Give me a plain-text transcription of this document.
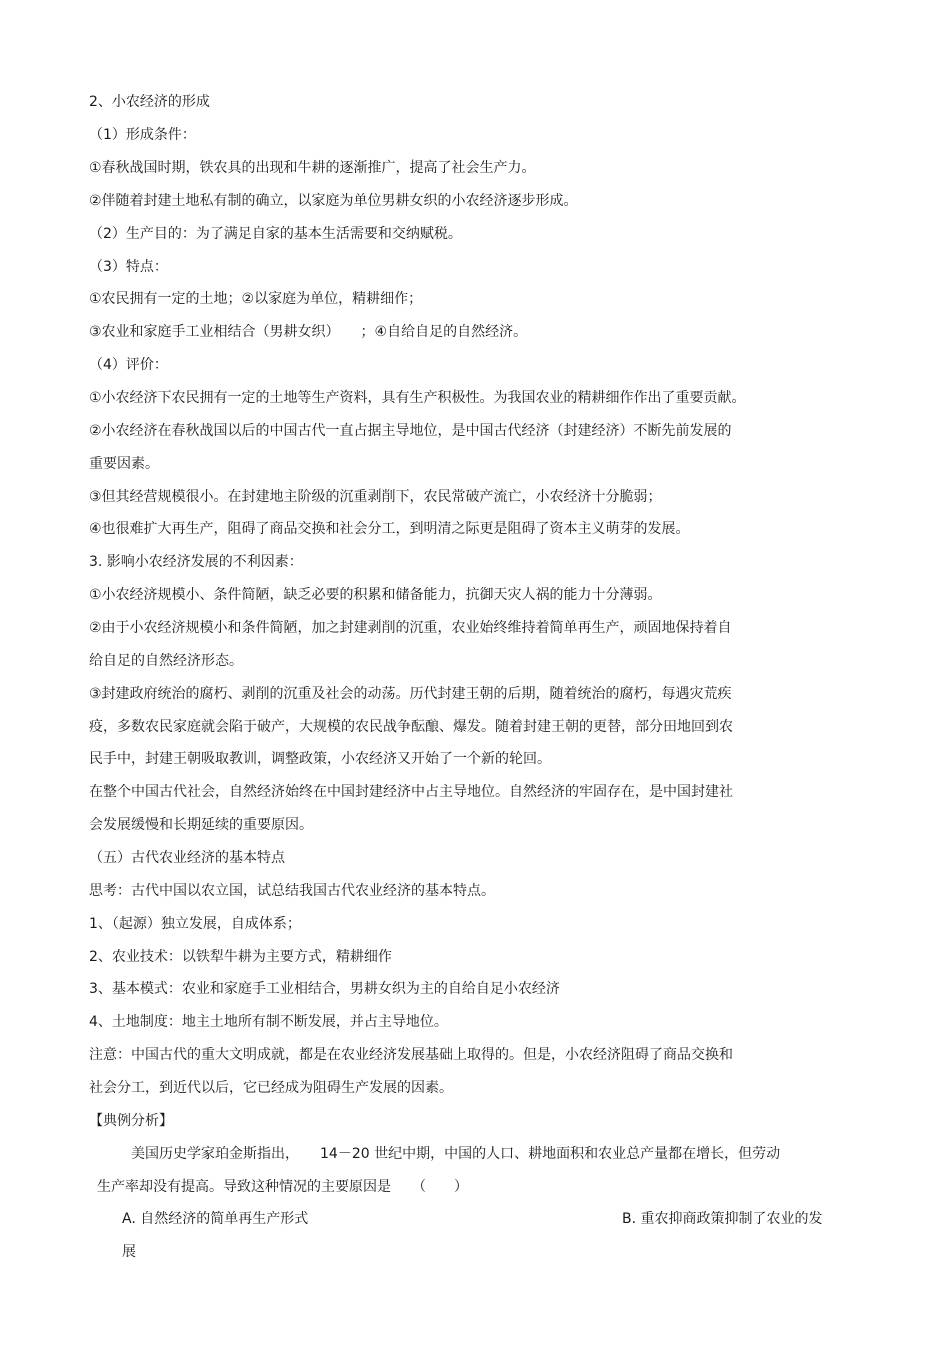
2、小农经济的形成
（1）形成条件：
①春秋战国时期，铁农具的出现和牛耕的逐渐推广，提高了社会生产力。
②伴随着封建土地私有制的确立，以家庭为单位男耕女织的小农经济逐步形成。
（2）生产目的：为了满足自家的基本生活需要和交纳赋税。
（3）特点：
①农民拥有一定的土地；②以家庭为单位，精耕细作；
③农业和家庭手工业相结合（男耕女织）　　；④自给自足的自然经济。
（4）评价：
①小农经济下农民拥有一定的土地等生产资料，具有生产积极性。为我国农业的精耕细作作出了重要贡献。
②小农经济在春秋战国以后的中国古代一直占据主导地位，是中国古代经济（封建经济）不断先前发展的
重要因素。
③但其经营规模很小。在封建地主阶级的沉重剥削下，农民常破产流亡，小农经济十分脆弱；
④也很难扩大再生产，阻碍了商品交换和社会分工，到明清之际更是阻碍了资本主义萌芽的发展。
3. 影响小农经济发展的不利因素：
①小农经济规模小、条件简陋，缺乏必要的积累和储备能力，抗御天灾人祸的能力十分薄弱。
②由于小农经济规模小和条件简陋，加之封建剥削的沉重，农业始终维持着简单再生产，顽固地保持着自
给自足的自然经济形态。
③封建政府统治的腐朽、剥削的沉重及社会的动荡。历代封建王朝的后期，随着统治的腐朽，每遇灾荒疾
疫，多数农民家庭就会陷于破产，大规模的农民战争酝酿、爆发。随着封建王朝的更替，部分田地回到农
民手中，封建王朝吸取教训，调整政策，小农经济又开始了一个新的轮回。
在整个中国古代社会，自然经济始终在中国封建经济中占主导地位。自然经济的牢固存在，是中国封建社
会发展缓慢和长期延续的重要原因。
（五）古代农业经济的基本特点
思考：古代中国以农立国，试总结我国古代农业经济的基本特点。
1、（起源）独立发展，自成体系；
2、农业技术：以铁犁牛耕为主要方式，精耕细作
3、基本模式：农业和家庭手工业相结合，男耕女织为主的自给自足小农经济
4、土地制度：地主土地所有制不断发展，并占主导地位。
注意：中国古代的重大文明成就，都是在农业经济发展基础上取得的。但是，小农经济阻碍了商品交换和
社会分工，到近代以后，它已经成为阻碍生产发展的因素。
【典例分析】
美国历史学家珀金斯指出，　　14－20 世纪中期，中国的人口、耕地面积和农业总产量都在增长，但劳动
生产率却没有提高。导致这种情况的主要原因是　　（　　）
A. 自然经济的简单再生产形式	B. 重农抑商政策抑制了农业的发
展
